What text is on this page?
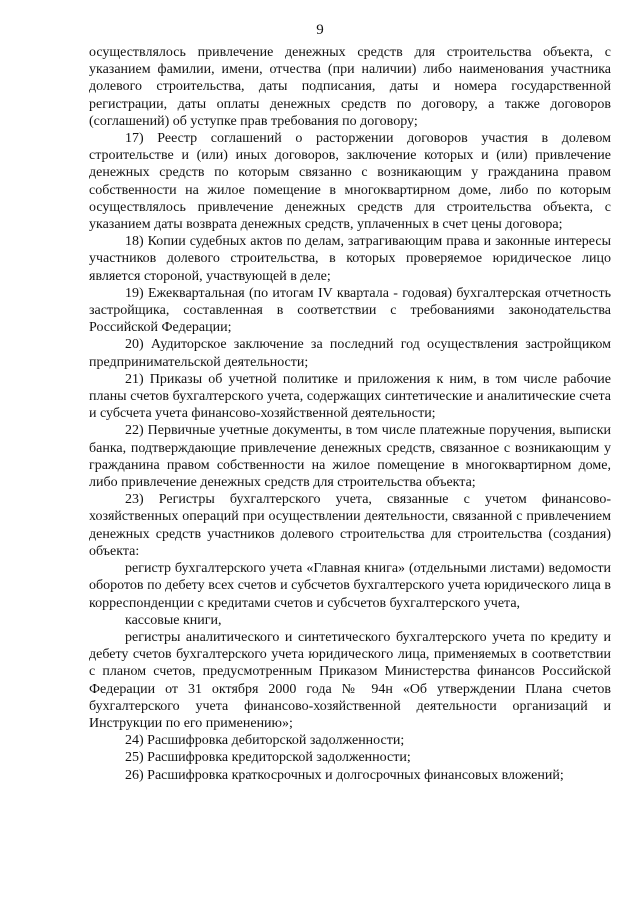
9

осуществлялось привлечение денежных средств для строительства объекта, с указанием фамилии, имени, отчества (при наличии) либо наименования участника долевого строительства, даты подписания, даты и номера государственной регистрации, даты оплаты денежных средств по договору, а также договоров (соглашений) об уступке прав требования по договору;

17) Реестр соглашений о расторжении договоров участия в долевом строительстве и (или) иных договоров, заключение которых и (или) привлечение денежных средств по которым связанно с возникающим у гражданина правом собственности на жилое помещение в многоквартирном доме, либо по которым осуществлялось привлечение денежных средств для строительства объекта, с указанием даты возврата денежных средств, уплаченных в счет цены договора;

18) Копии судебных актов по делам, затрагивающим права и законные интересы участников долевого строительства, в которых проверяемое юридическое лицо является стороной, участвующей в деле;

19) Ежеквартальная (по итогам IV квартала - годовая) бухгалтерская отчетность застройщика, составленная в соответствии с требованиями законодательства Российской Федерации;

20) Аудиторское заключение за последний год осуществления застройщиком предпринимательской деятельности;

21) Приказы об учетной политике и приложения к ним, в том числе рабочие планы счетов бухгалтерского учета, содержащих синтетические и аналитические счета и субсчета учета финансово-хозяйственной деятельности;

22) Первичные учетные документы, в том числе платежные поручения, выписки банка, подтверждающие привлечение денежных средств, связанное с возникающим у гражданина правом собственности на жилое помещение в многоквартирном доме, либо привлечение денежных средств для строительства объекта;

23) Регистры бухгалтерского учета, связанные с учетом финансово-хозяйственных операций при осуществлении деятельности, связанной с привлечением денежных средств участников долевого строительства для строительства (создания) объекта:

регистр бухгалтерского учета «Главная книга» (отдельными листами) ведомости оборотов по дебету всех счетов и субсчетов бухгалтерского учета юридического лица в корреспонденции с кредитами счетов и субсчетов бухгалтерского учета,

кассовые книги,

регистры аналитического и синтетического бухгалтерского учета по кредиту и дебету счетов бухгалтерского учета юридического лица, применяемых в соответствии с планом счетов, предусмотренным Приказом Министерства финансов Российской Федерации от 31 октября 2000 года № 94н «Об утверждении Плана счетов бухгалтерского учета финансово-хозяйственной деятельности организаций и Инструкции по его применению»;

24) Расшифровка дебиторской задолженности;

25) Расшифровка кредиторской задолженности;

26) Расшифровка краткосрочных и долгосрочных финансовых вложений;
